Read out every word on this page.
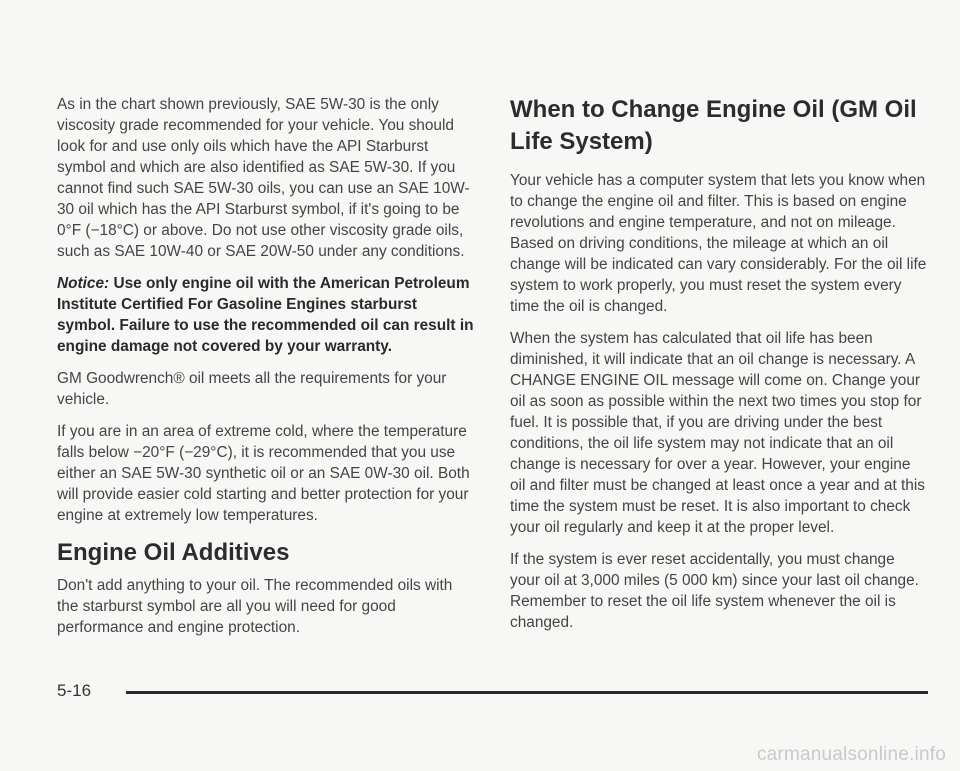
As in the chart shown previously, SAE 5W-30 is the only viscosity grade recommended for your vehicle. You should look for and use only oils which have the API Starburst symbol and which are also identified as SAE 5W-30. If you cannot find such SAE 5W-30 oils, you can use an SAE 10W-30 oil which has the API Starburst symbol, if it's going to be 0°F (−18°C) or above. Do not use other viscosity grade oils, such as SAE 10W-40 or SAE 20W-50 under any conditions.

Notice: Use only engine oil with the American Petroleum Institute Certified For Gasoline Engines starburst symbol. Failure to use the recommended oil can result in engine damage not covered by your warranty.

GM Goodwrench® oil meets all the requirements for your vehicle.

If you are in an area of extreme cold, where the temperature falls below −20°F (−29°C), it is recommended that you use either an SAE 5W-30 synthetic oil or an SAE 0W-30 oil. Both will provide easier cold starting and better protection for your engine at extremely low temperatures.

Engine Oil Additives

Don't add anything to your oil. The recommended oils with the starburst symbol are all you will need for good performance and engine protection.

When to Change Engine Oil (GM Oil Life System)

Your vehicle has a computer system that lets you know when to change the engine oil and filter. This is based on engine revolutions and engine temperature, and not on mileage. Based on driving conditions, the mileage at which an oil change will be indicated can vary considerably. For the oil life system to work properly, you must reset the system every time the oil is changed.

When the system has calculated that oil life has been diminished, it will indicate that an oil change is necessary. A CHANGE ENGINE OIL message will come on. Change your oil as soon as possible within the next two times you stop for fuel. It is possible that, if you are driving under the best conditions, the oil life system may not indicate that an oil change is necessary for over a year. However, your engine oil and filter must be changed at least once a year and at this time the system must be reset. It is also important to check your oil regularly and keep it at the proper level.

If the system is ever reset accidentally, you must change your oil at 3,000 miles (5 000 km) since your last oil change. Remember to reset the oil life system whenever the oil is changed.

5-16
carmanualsonline.info
